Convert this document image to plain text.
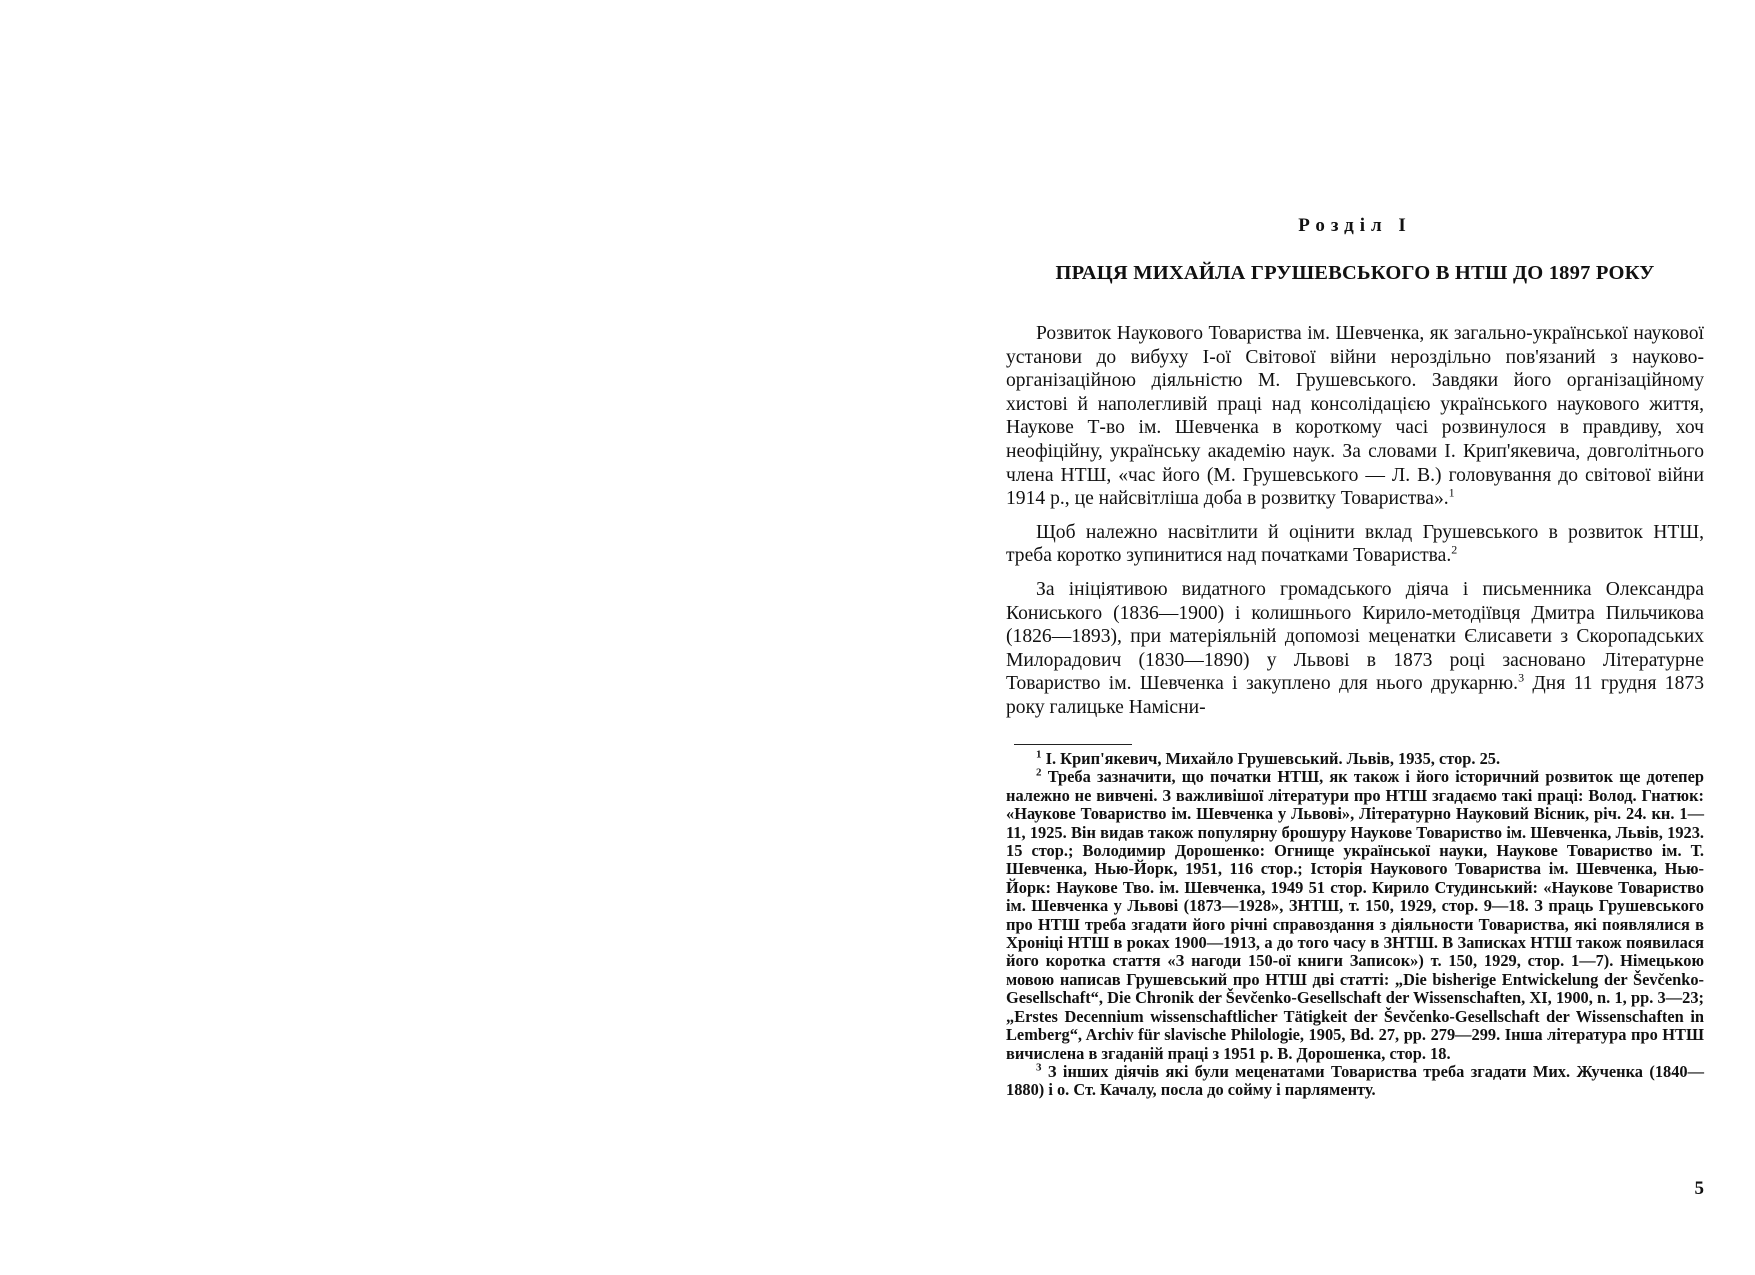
Розділ І
ПРАЦЯ МИХАЙЛА ГРУШЕВСЬКОГО В НТШ ДО 1897 РОКУ

Розвиток Наукового Товариства ім. Шевченка, як загально-української наукової установи до вибуху І-ої Світової війни нероздільно пов'язаний з науково-організаційною діяльністю М. Грушевського. Завдяки його організаційному хистові й наполегливій праці над консолідацією українського наукового життя, Наукове Т-во ім. Шевченка в короткому часі розвинулося в правдиву, хоч неофіційну, українську академію наук. За словами І. Крип'якевича, довголітнього члена НТШ, «час його (М. Грушевського — Л. В.) головування до світової війни 1914 р., це найсвітліша доба в розвитку Товариства».$^1$

Щоб належно насвітлити й оцінити вклад Грушевського в розвиток НТШ, треба коротко зупинитися над початками Товариства.$^2$

За ініціятивою видатного громадського діяча і письменника Олександра Кониського (1836—1900) і колишнього Кирило-методіївця Дмитра Пильчикова (1826—1893), при матеріяльній допомозі меценатки Єлисавети з Скоропадських Милорадович (1830—1890) у Львові в 1873 році засновано Літературне Товариство ім. Шевченка і закуплено для нього друкарню.$^3$ Дня 11 грудня 1873 року галицьке Намісни-

$^1$ І. Крип'якевич, Михайло Грушевський. Львів, 1935, стор. 25.

$^2$ Треба зазначити, що початки НТШ, як також і його історичний розвиток ще дотепер належно не вивчені. З важливішої літератури про НТШ згадаємо такі праці: Волод. Гнатюк: «Наукове Товариство ім. Шевченка у Львові», Літературно Науковий Вісник, річ. 24. кн. 1—11, 1925. Він видав також популярну брошуру Наукове Товариство ім. Шевченка, Львів, 1923. 15 стор.; Володимир Дорошенко: Огнище української науки, Наукове Товариство ім. Т. Шевченка, Нью-Йорк, 1951, 116 стор.; Історія Наукового Товариства ім. Шевченка, Нью-Йорк: Наукове Тво. ім. Шевченка, 1949 51 стор. Кирило Студинський: «Наукове Товариство ім. Шевченка у Львові (1873—1928», ЗНТШ, т. 150, 1929, стор. 9—18. З праць Грушевського про НТШ треба згадати його річні справоздання з діяльности Товариства, які появлялися в Хроніці НТШ в роках 1900—1913, а до того часу в ЗНТШ. В Записках НТШ також появилася його коротка стаття «З нагоди 150-ої книги Записок») т. 150, 1929, стор. 1—7). Німецькою мовою написав Грушевський про НТШ дві статті: „Die bisherige Entwickelung der Ševčenko-Gesellschaft“, Die Chronik der Ševčenko-Gesellschaft der Wissenschaften, XI, 1900, n. 1, pp. 3—23; „Erstes Decennium wissenschaftlicher Tätigkeit der Ševčenko-Gesellschaft der Wissenschaften in Lemberg“, Archiv für slavische Philologie, 1905, Bd. 27, pp. 279—299. Інша література про НТШ вичислена в згаданій праці з 1951 р. В. Дорошенка, стор. 18.

$^3$ З інших діячів які були меценатами Товариства треба згадати Мих. Жученка (1840—1880) і о. Ст. Качалу, посла до сойму і парляменту.

5
